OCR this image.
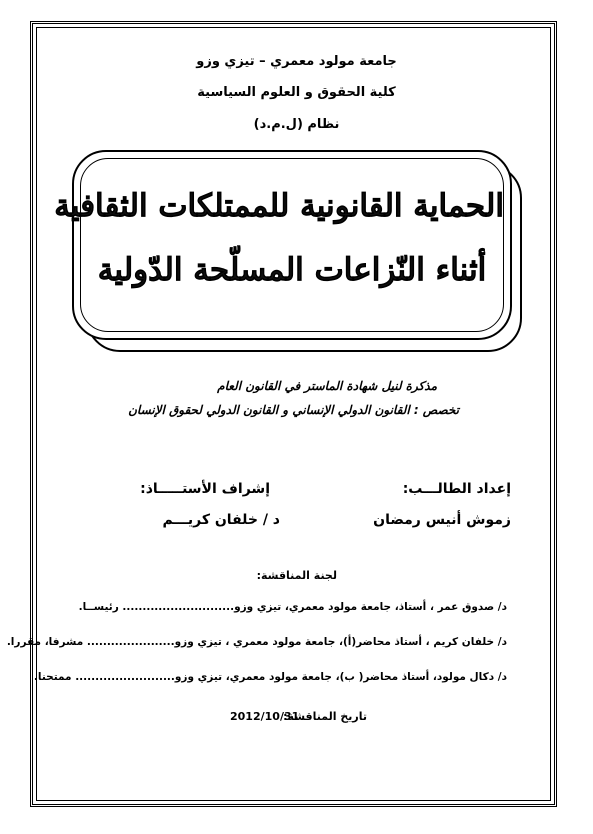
جامعة مولود معمري – تيزي وزو
كلية الحقوق و العلوم السياسية
نظام (ل.م.د)
الحماية القانونية للممتلكات الثقافية
أثناء النّزاعات المسلّحة الدّولية
مذكرة لنيل شهادة الماستر في القانون العام
تخصص : القانون الدولي الإنساني و القانون الدولي لحقوق الإنسان
إعداد الطالـــب:
زموش أنيس رمضان
إشراف الأستـــــاذ:
د / خلفان كريـــم
لجنة المناقشة:
د/ صدوق عمر ، أستاذ، جامعة مولود معمري، تيزي وزو............................ رئيســا.
د/ خلفان كريم ، أستاذ محاضر(أ)، جامعة مولود معمري ، تيزي وزو...................... مشرفا، مقررا.
د/ دكال مولود، أستاذ محاضر( ب)، جامعة مولود معمري، تيزي وزو......................... ممتحنا.
تاريخ المناقشة:
2012/10/31
